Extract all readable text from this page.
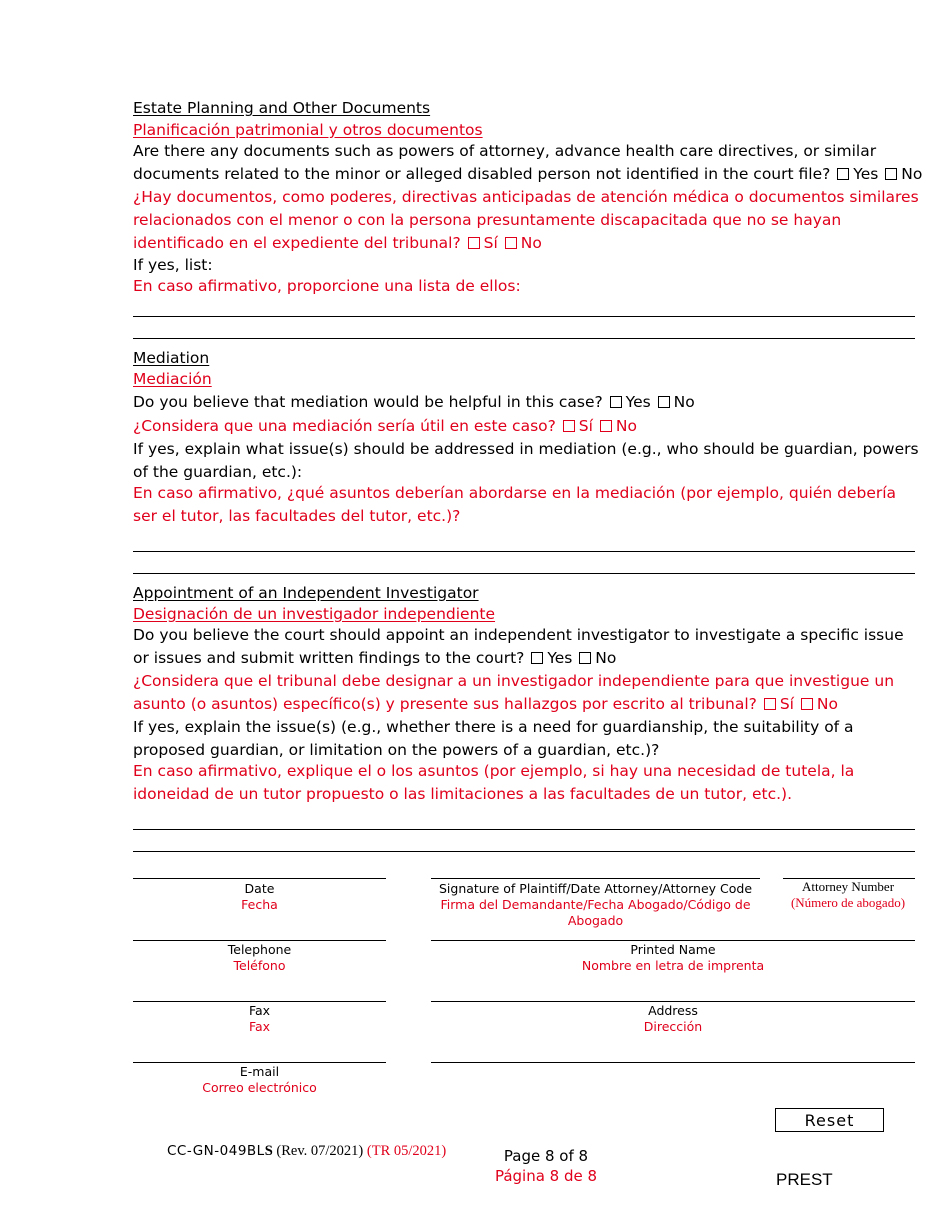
Estate Planning and Other Documents
Planificación patrimonial y otros documentos
Are there any documents such as powers of attorney, advance health care directives, or similar documents related to the minor or alleged disabled person not identified in the court file? Yes No
¿Hay documentos, como poderes, directivas anticipadas de atención médica o documentos similares relacionados con el menor o con la persona presuntamente discapacitada que no se hayan identificado en el expediente del tribunal? Sí No
If yes, list:
En caso afirmativo, proporcione una lista de ellos:
Mediation
Mediación
Do you believe that mediation would be helpful in this case? Yes No
¿Considera que una mediación sería útil en este caso? Sí No
If yes, explain what issue(s) should be addressed in mediation (e.g., who should be guardian, powers of the guardian, etc.):
En caso afirmativo, ¿qué asuntos deberían abordarse en la mediación (por ejemplo, quién debería ser el tutor, las facultades del tutor, etc.)?
Appointment of an Independent Investigator
Designación de un investigador independiente
Do you believe the court should appoint an independent investigator to investigate a specific issue or issues and submit written findings to the court? Yes No
¿Considera que el tribunal debe designar a un investigador independiente para que investigue un asunto (o asuntos) específico(s) y presente sus hallazgos por escrito al tribunal? Sí No
If yes, explain the issue(s) (e.g., whether there is a need for guardianship, the suitability of a proposed guardian, or limitation on the powers of a guardian, etc.)?
En caso afirmativo, explique el o los asuntos (por ejemplo, si hay una necesidad de tutela, la idoneidad de un tutor propuesto o las limitaciones a las facultades de un tutor, etc.).
Date
Fecha
Signature of Plaintiff/Date Attorney/Attorney Code
Firma del Demandante/Fecha Abogado/Código de Abogado
Attorney Number
(Número de abogado)
Telephone
Teléfono
Printed Name
Nombre en letra de imprenta
Fax
Fax
Address
Dirección
E-mail
Correo electrónico
Reset
CC-GN-049BLS (Rev. 07/2021) (TR 05/2021)	Page 8 of 8
Página 8 de 8	PREST
